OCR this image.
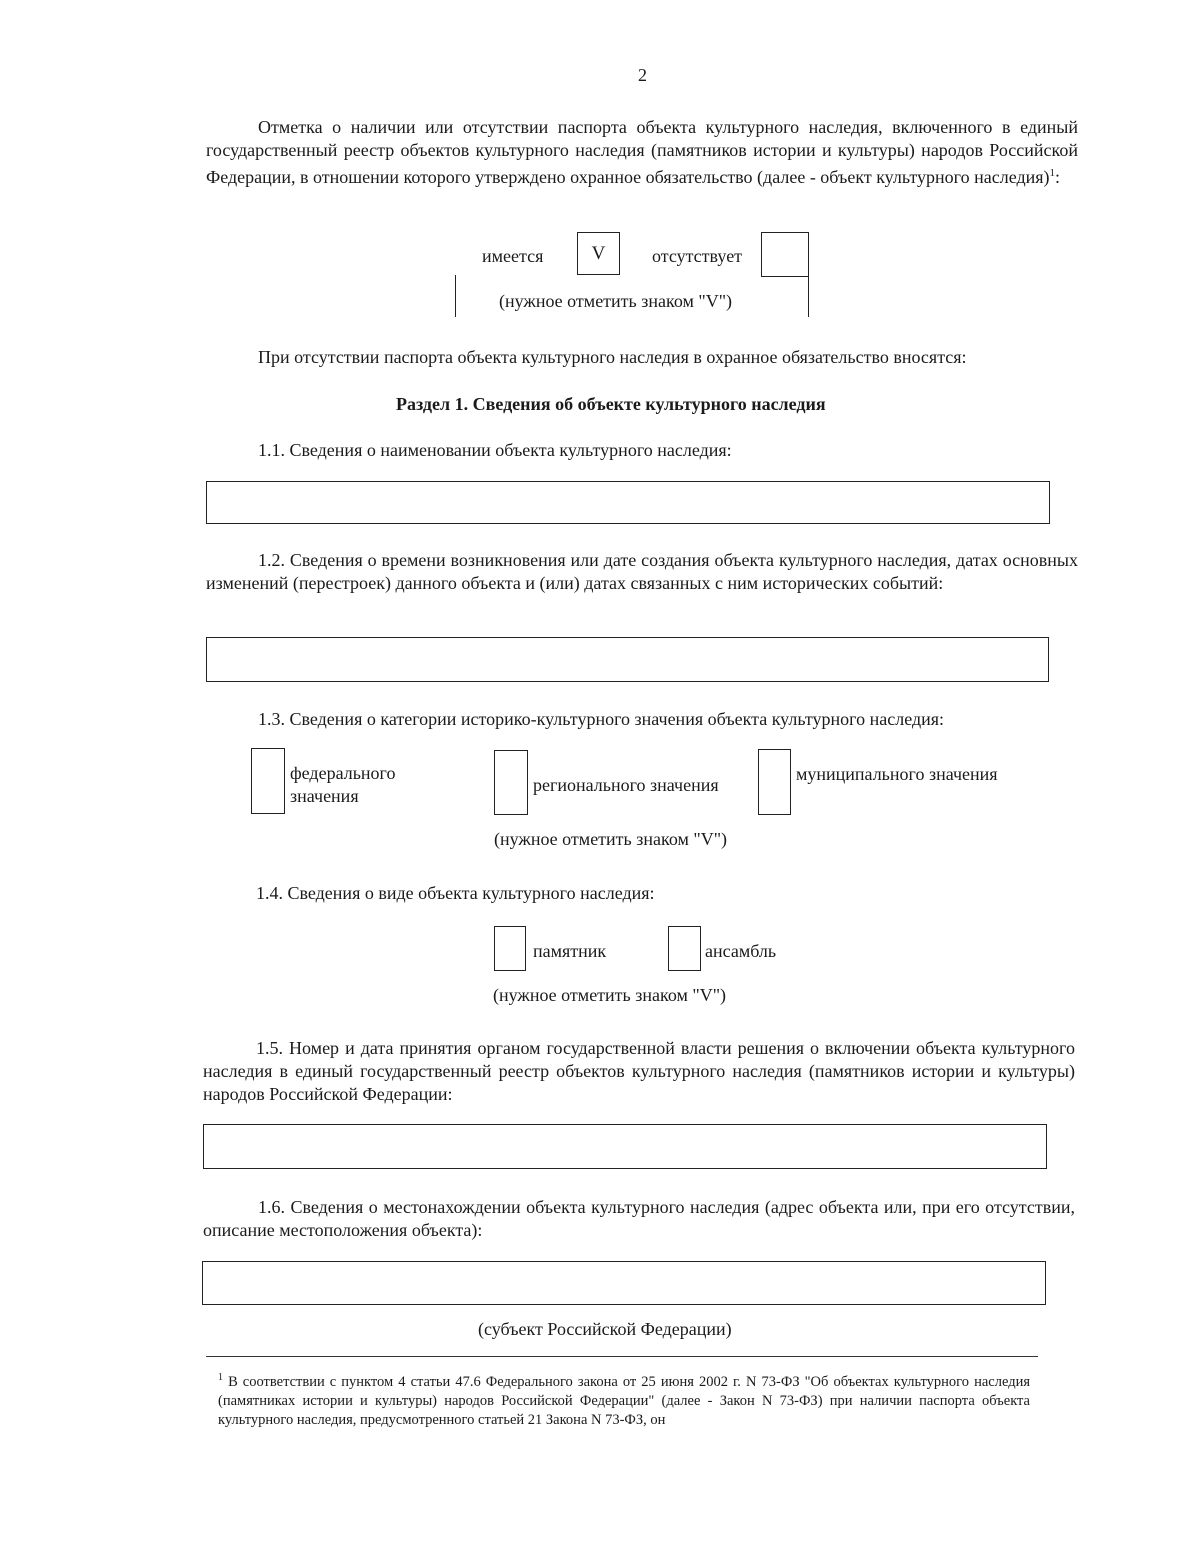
2
Отметка о наличии или отсутствии паспорта объекта культурного наследия, включенного в единый государственный реестр объектов культурного наследия (памятников истории и культуры) народов Российской Федерации, в отношении которого утверждено охранное обязательство (далее - объект культурного наследия)$^1$:
имеется	V	отсутствует
(нужное отметить знаком "V")
При отсутствии паспорта объекта культурного наследия в охранное обязательство вносятся:
Раздел 1. Сведения об объекте культурного наследия
1.1. Сведения о наименовании объекта культурного наследия:
1.2. Сведения о времени возникновения или дате создания объекта культурного наследия, датах основных изменений (перестроек) данного объекта и (или) датах связанных с ним исторических событий:
1.3. Сведения о категории историко-культурного значения объекта культурного наследия:
федерального
значения
регионального значения
муниципального значения
(нужное отметить знаком "V")
1.4. Сведения о виде объекта культурного наследия:
памятник	ансамбль
(нужное отметить знаком "V")
1.5. Номер и дата принятия органом государственной власти решения о включении объекта культурного наследия в единый государственный реестр объектов культурного наследия (памятников истории и культуры) народов Российской Федерации:
1.6. Сведения о местонахождении объекта культурного наследия (адрес объекта или, при его отсутствии, описание местоположения объекта):
(субъект Российской Федерации)
$^1$ В соответствии с пунктом 4 статьи 47.6 Федерального закона от 25 июня 2002 г. N 73-ФЗ "Об объектах культурного наследия (памятниках истории и культуры) народов Российской Федерации" (далее - Закон N 73-ФЗ) при наличии паспорта объекта культурного наследия, предусмотренного статьей 21 Закона N 73-ФЗ, он
